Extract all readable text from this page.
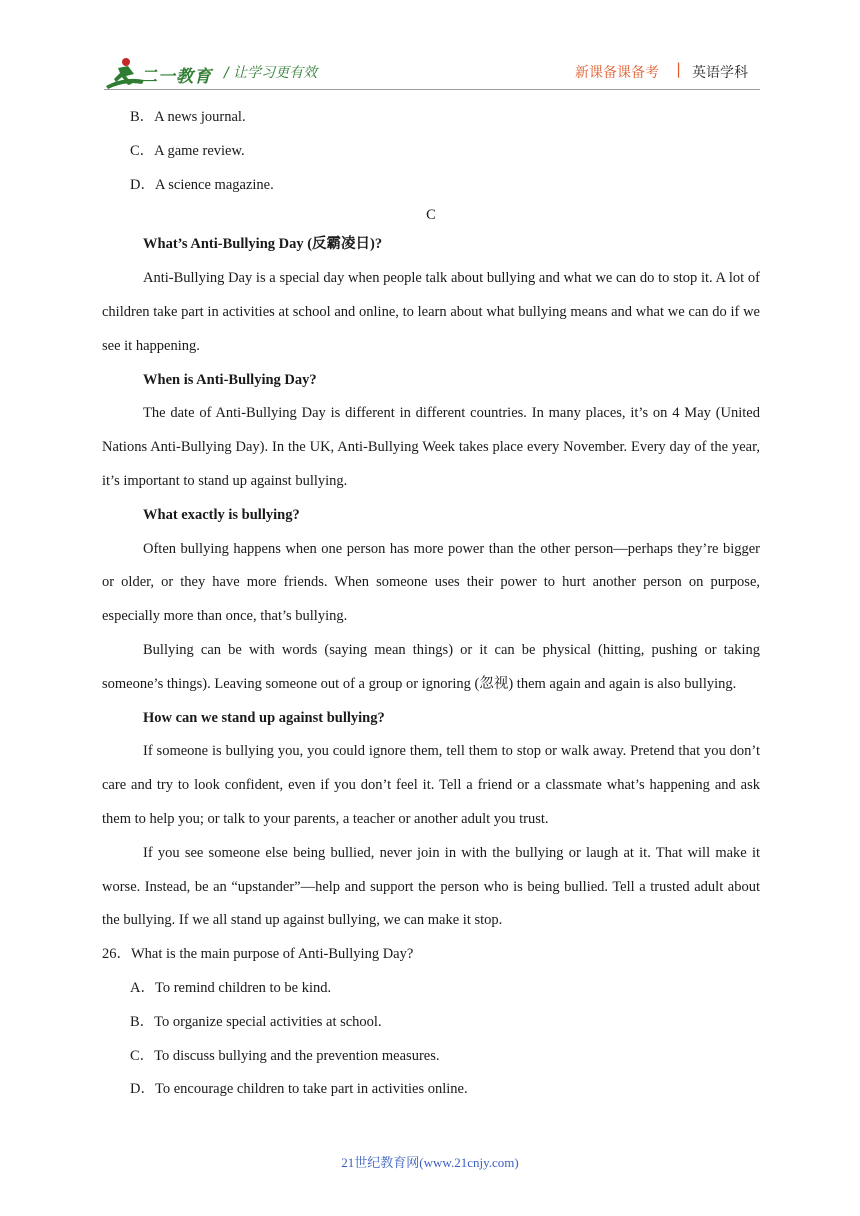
二一教育 / 让学习更有效	新课备课备考 | 英语学科
B．A news journal.
C．A game review.
D．A science magazine.
C
What’s Anti-Bullying Day (反霸凌日)?
Anti-Bullying Day is a special day when people talk about bullying and what we can do to stop it. A lot of children take part in activities at school and online, to learn about what bullying means and what we can do if we see it happening.
When is Anti-Bullying Day?
The date of Anti-Bullying Day is different in different countries. In many places, it’s on 4 May (United Nations Anti-Bullying Day). In the UK, Anti-Bullying Week takes place every November. Every day of the year, it’s important to stand up against bullying.
What exactly is bullying?
Often bullying happens when one person has more power than the other person—perhaps they’re bigger or older, or they have more friends. When someone uses their power to hurt another person on purpose, especially more than once, that’s bullying.
Bullying can be with words (saying mean things) or it can be physical (hitting, pushing or taking someone’s things). Leaving someone out of a group or ignoring (忽视) them again and again is also bullying.
How can we stand up against bullying?
If someone is bullying you, you could ignore them, tell them to stop or walk away. Pretend that you don’t care and try to look confident, even if you don’t feel it. Tell a friend or a classmate what’s happening and ask them to help you; or talk to your parents, a teacher or another adult you trust.
If you see someone else being bullied, never join in with the bullying or laugh at it. That will make it worse. Instead, be an “upstander”—help and support the person who is being bullied. Tell a trusted adult about the bullying. If we all stand up against bullying, we can make it stop.
26．What is the main purpose of Anti-Bullying Day?
A．To remind children to be kind.
B．To organize special activities at school.
C．To discuss bullying and the prevention measures.
D．To encourage children to take part in activities online.
21世纪教育网(www.21cnjy.com)
